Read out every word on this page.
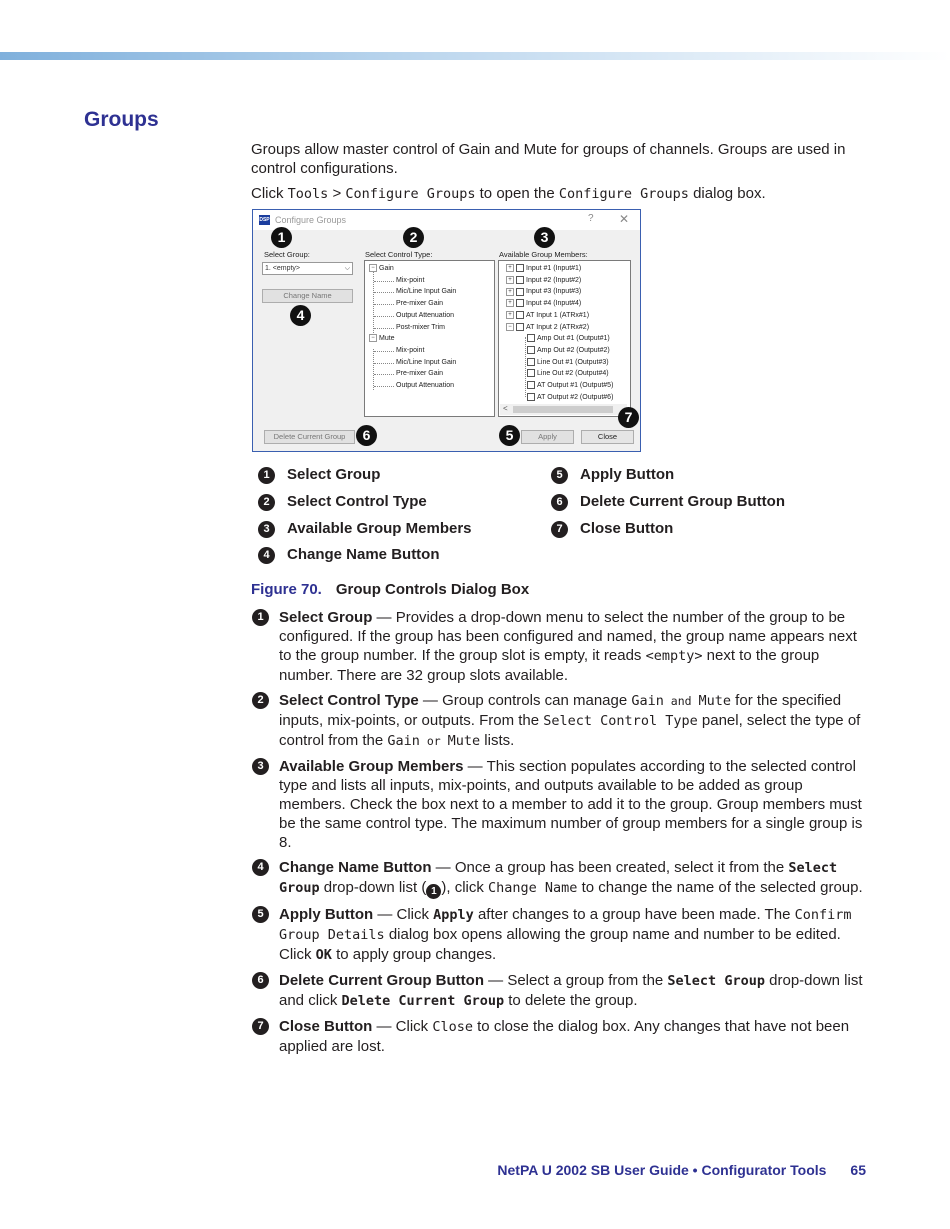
Groups

Groups allow master control of Gain and Mute for groups of channels. Groups are used in control configurations.

Click Tools > Configure Groups to open the Configure Groups dialog box.

DSP Configure Groups	? ✕
Select Group:
1. <empty>	⌵
Change Name
Select Control Type:
− Gain
Mix-point
Mic/Line Input Gain
Pre-mixer Gain
Output Attenuation
Post-mixer Trim
− Mute
Mix-point
Mic/Line Input Gain
Pre-mixer Gain
Output Attenuation
Available Group Members:
+ Input #1 (Input#1)
+ Input #2 (Input#2)
+ Input #3 (Input#3)
+ Input #4 (Input#4)
+ AT Input 1 (ATRx#1)
− AT Input 2 (ATRx#2)
Amp Out #1 (Output#1)
Amp Out #2 (Output#2)
Line Out #1 (Output#3)
Line Out #2 (Output#4)
AT Output #1 (Output#5)
AT Output #2 (Output#6)
<
Delete Current Group	Apply	Close
1	2	3
4
5
6
7
1 Select Group
2 Select Control Type
3 Available Group Members
4 Change Name Button
5 Apply Button
6 Delete Current Group Button
7 Close Button
Figure 70. Group Controls Dialog Box
1	Select Group — Provides a drop-down menu to select the number of the group to be configured. If the group has been configured and named, the group name appears next to the group number. If the group slot is empty, it reads <empty> next to the group number. There are 32 group slots available.
2	Select Control Type — Group controls can manage Gain and Mute for the specified inputs, mix-points, or outputs. From the Select Control Type panel, select the type of control from the Gain or Mute lists.
3	Available Group Members — This section populates according to the selected control type and lists all inputs, mix-points, and outputs available to be added as group members. Check the box next to a member to add it to the group. Group members must be the same control type. The maximum number of group members for a single group is 8.
4	Change Name Button — Once a group has been created, select it from the Select Group drop-down list ( 1 ), click Change Name to change the name of the selected group.
5	Apply Button — Click Apply after changes to a group have been made. The Confirm Group Details dialog box opens allowing the group name and number to be edited. Click OK to apply group changes.
6	Delete Current Group Button — Select a group from the Select Group drop-down list and click Delete Current Group to delete the group.
7	Close Button — Click Close to close the dialog box. Any changes that have not been applied are lost.
NetPA U 2002 SB User Guide • Configurator Tools 65
